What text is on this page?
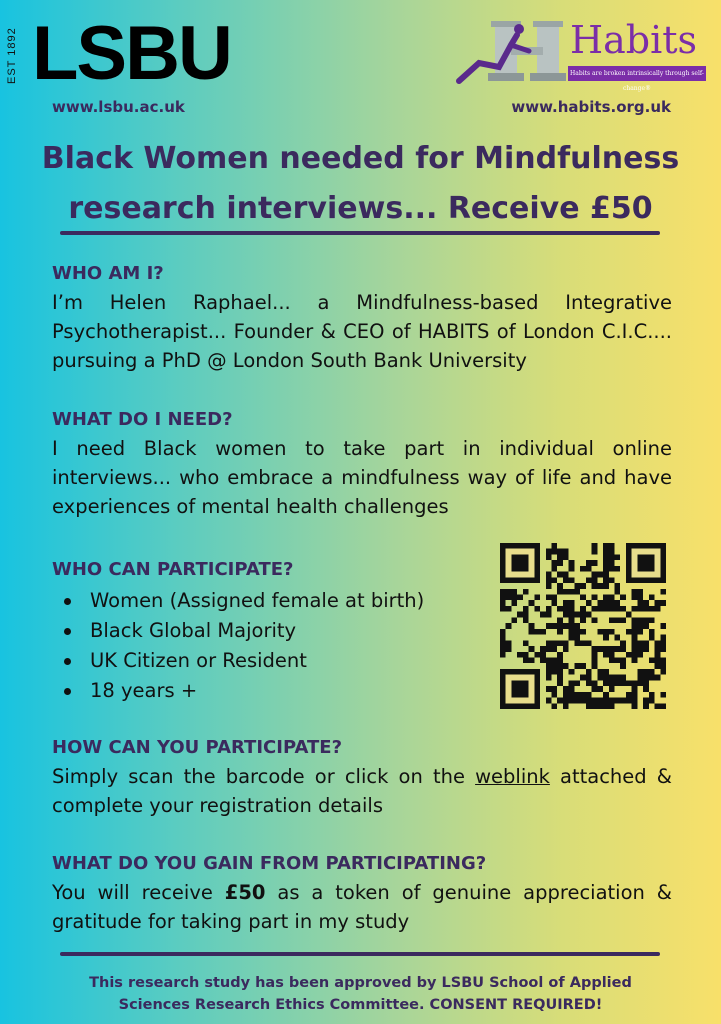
EST 1892 LSBU
www.lsbu.ac.uk
Habits
Habits are broken intrinsically through self-change®
www.habits.org.uk
Black Women needed for Mindfulness
research interviews... Receive £50
WHO AM I?
I’m Helen Raphael... a Mindfulness-based Integrative Psychotherapist... Founder & CEO of HABITS of London C.I.C.... pursuing a PhD @ London South Bank University
WHAT DO I NEED?
I need Black women to take part in individual online interviews... who embrace a mindfulness way of life and have experiences of mental health challenges
WHO CAN PARTICIPATE?
Women (Assigned female at birth)
Black Global Majority
UK Citizen or Resident
18 years +
HOW CAN YOU PARTICIPATE?
Simply scan the barcode or click on the weblink attached & complete your registration details
WHAT DO YOU GAIN FROM PARTICIPATING?
You will receive £50 as a token of genuine appreciation & gratitude for taking part in my study
This research study has been approved by LSBU School of Applied
Sciences Research Ethics Committee. CONSENT REQUIRED!
